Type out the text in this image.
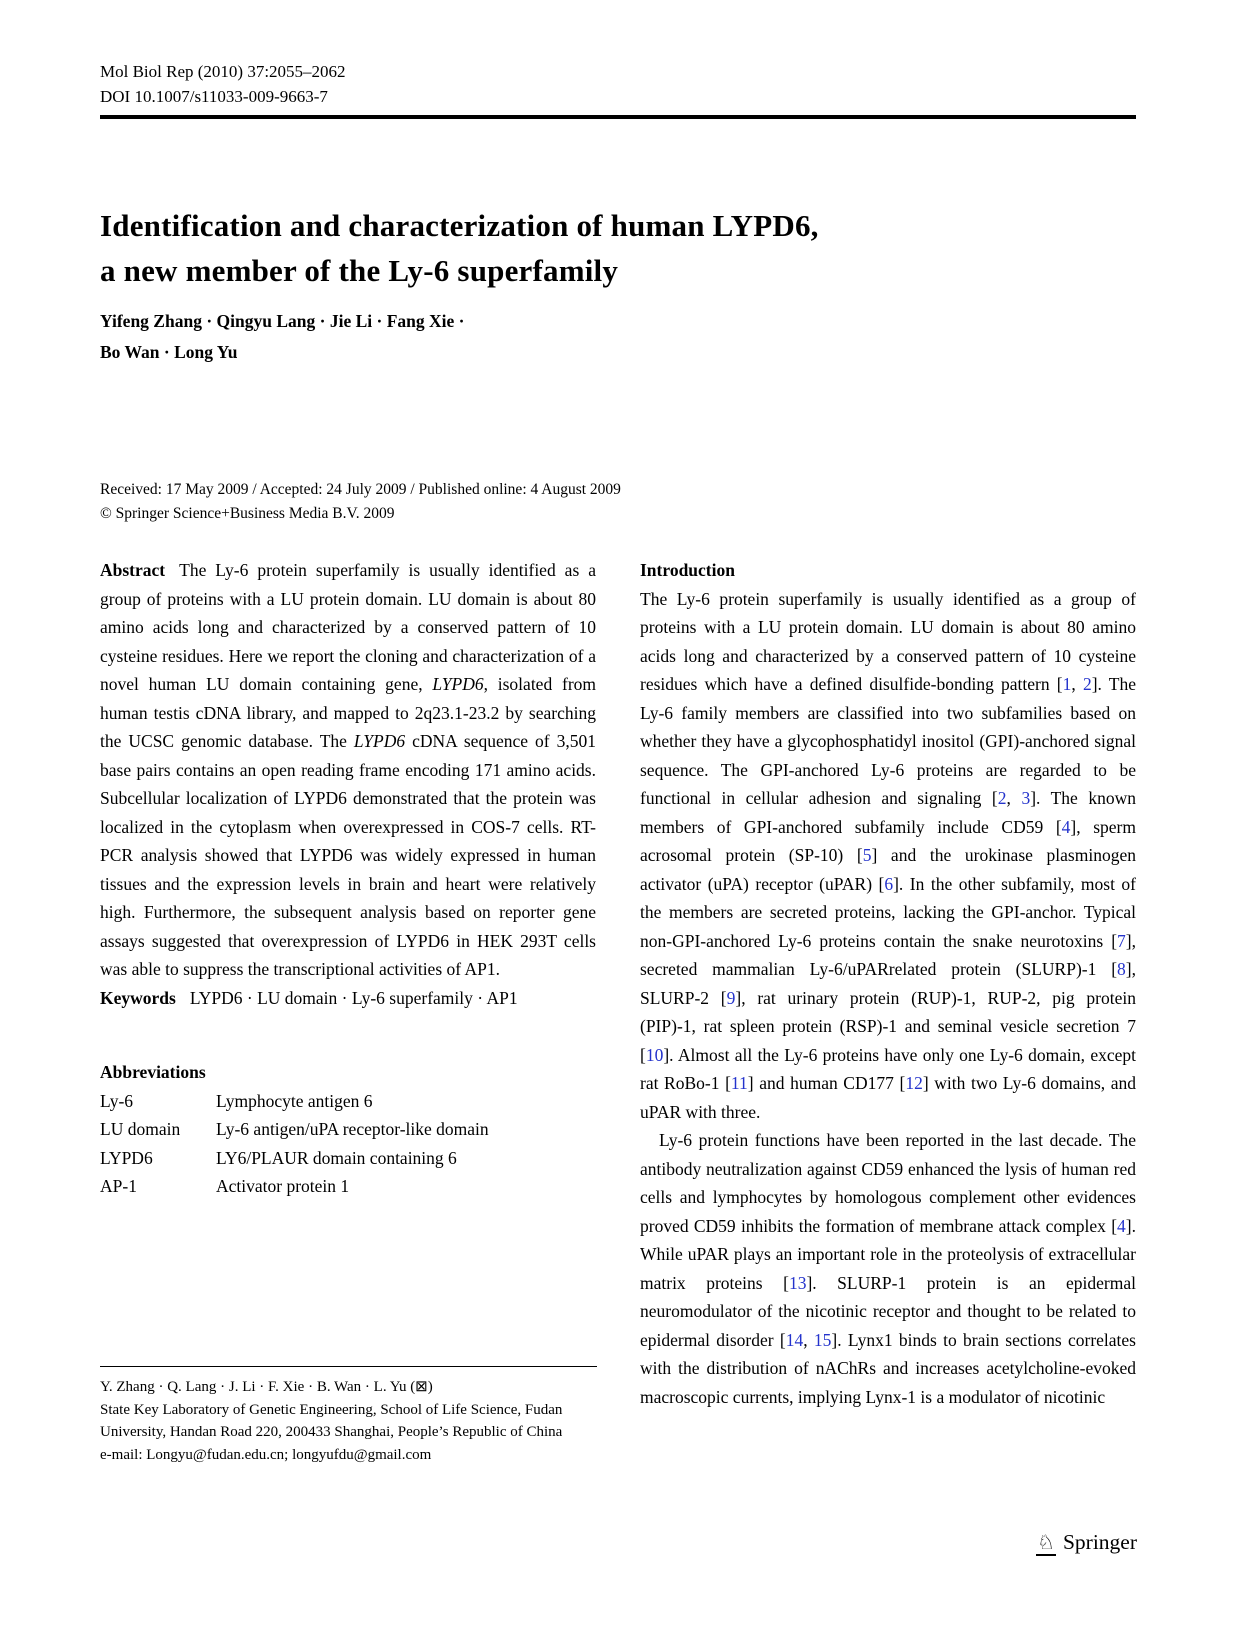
Mol Biol Rep (2010) 37:2055–2062
DOI 10.1007/s11033-009-9663-7
Identification and characterization of human LYPD6,
a new member of the Ly-6 superfamily
Yifeng Zhang · Qingyu Lang · Jie Li · Fang Xie ·
Bo Wan · Long Yu
Received: 17 May 2009 / Accepted: 24 July 2009 / Published online: 4 August 2009
© Springer Science+Business Media B.V. 2009

Abstract The Ly-6 protein superfamily is usually identified as a group of proteins with a LU protein domain. LU domain is about 80 amino acids long and characterized by a conserved pattern of 10 cysteine residues. Here we report the cloning and characterization of a novel human LU domain containing gene, LYPD6, isolated from human testis cDNA library, and mapped to 2q23.1-23.2 by searching the UCSC genomic database. The LYPD6 cDNA sequence of 3,501 base pairs contains an open reading frame encoding 171 amino acids. Subcellular localization of LYPD6 demonstrated that the protein was localized in the cytoplasm when overexpressed in COS-7 cells. RT-PCR analysis showed that LYPD6 was widely expressed in human tissues and the expression levels in brain and heart were relatively high. Furthermore, the subsequent analysis based on reporter gene assays suggested that overexpression of LYPD6 in HEK 293T cells was able to suppress the transcriptional activities of AP1.

Keywords LYPD6 · LU domain · Ly-6 superfamily · AP1

Abbreviations
Ly-6	Lymphocyte antigen 6
LU domain	Ly-6 antigen/uPA receptor-like domain
LYPD6	LY6/PLAUR domain containing 6
AP-1	Activator protein 1

Introduction

The Ly-6 protein superfamily is usually identified as a group of proteins with a LU protein domain. LU domain is about 80 amino acids long and characterized by a conserved pattern of 10 cysteine residues which have a defined disulfide-bonding pattern [1, 2]. The Ly-6 family members are classified into two subfamilies based on whether they have a glycophosphatidyl inositol (GPI)-anchored signal sequence. The GPI-anchored Ly-6 proteins are regarded to be functional in cellular adhesion and signaling [2, 3]. The known members of GPI-anchored subfamily include CD59 [4], sperm acrosomal protein (SP-10) [5] and the urokinase plasminogen activator (uPA) receptor (uPAR) [6]. In the other subfamily, most of the members are secreted proteins, lacking the GPI-anchor. Typical non-GPI-anchored Ly-6 proteins contain the snake neurotoxins [7], secreted mammalian Ly-6/uPARrelated protein (SLURP)-1 [8], SLURP-2 [9], rat urinary protein (RUP)-1, RUP-2, pig protein (PIP)-1, rat spleen protein (RSP)-1 and seminal vesicle secretion 7 [10]. Almost all the Ly-6 proteins have only one Ly-6 domain, except rat RoBo-1 [11] and human CD177 [12] with two Ly-6 domains, and uPAR with three.

Ly-6 protein functions have been reported in the last decade. The antibody neutralization against CD59 enhanced the lysis of human red cells and lymphocytes by homologous complement other evidences proved CD59 inhibits the formation of membrane attack complex [4]. While uPAR plays an important role in the proteolysis of extracellular matrix proteins [13]. SLURP-1 protein is an epidermal neuromodulator of the nicotinic receptor and thought to be related to epidermal disorder [14, 15]. Lynx1 binds to brain sections correlates with the distribution of nAChRs and increases acetylcholine-evoked macroscopic currents, implying Lynx-1 is a modulator of nicotinic

Y. Zhang · Q. Lang · J. Li · F. Xie · B. Wan · L. Yu (⊠)

State Key Laboratory of Genetic Engineering, School of Life Science, Fudan University, Handan Road 220, 200433 Shanghai, People’s Republic of China

e-mail: Longyu@fudan.edu.cn; longyufdu@gmail.com

♘ Springer
